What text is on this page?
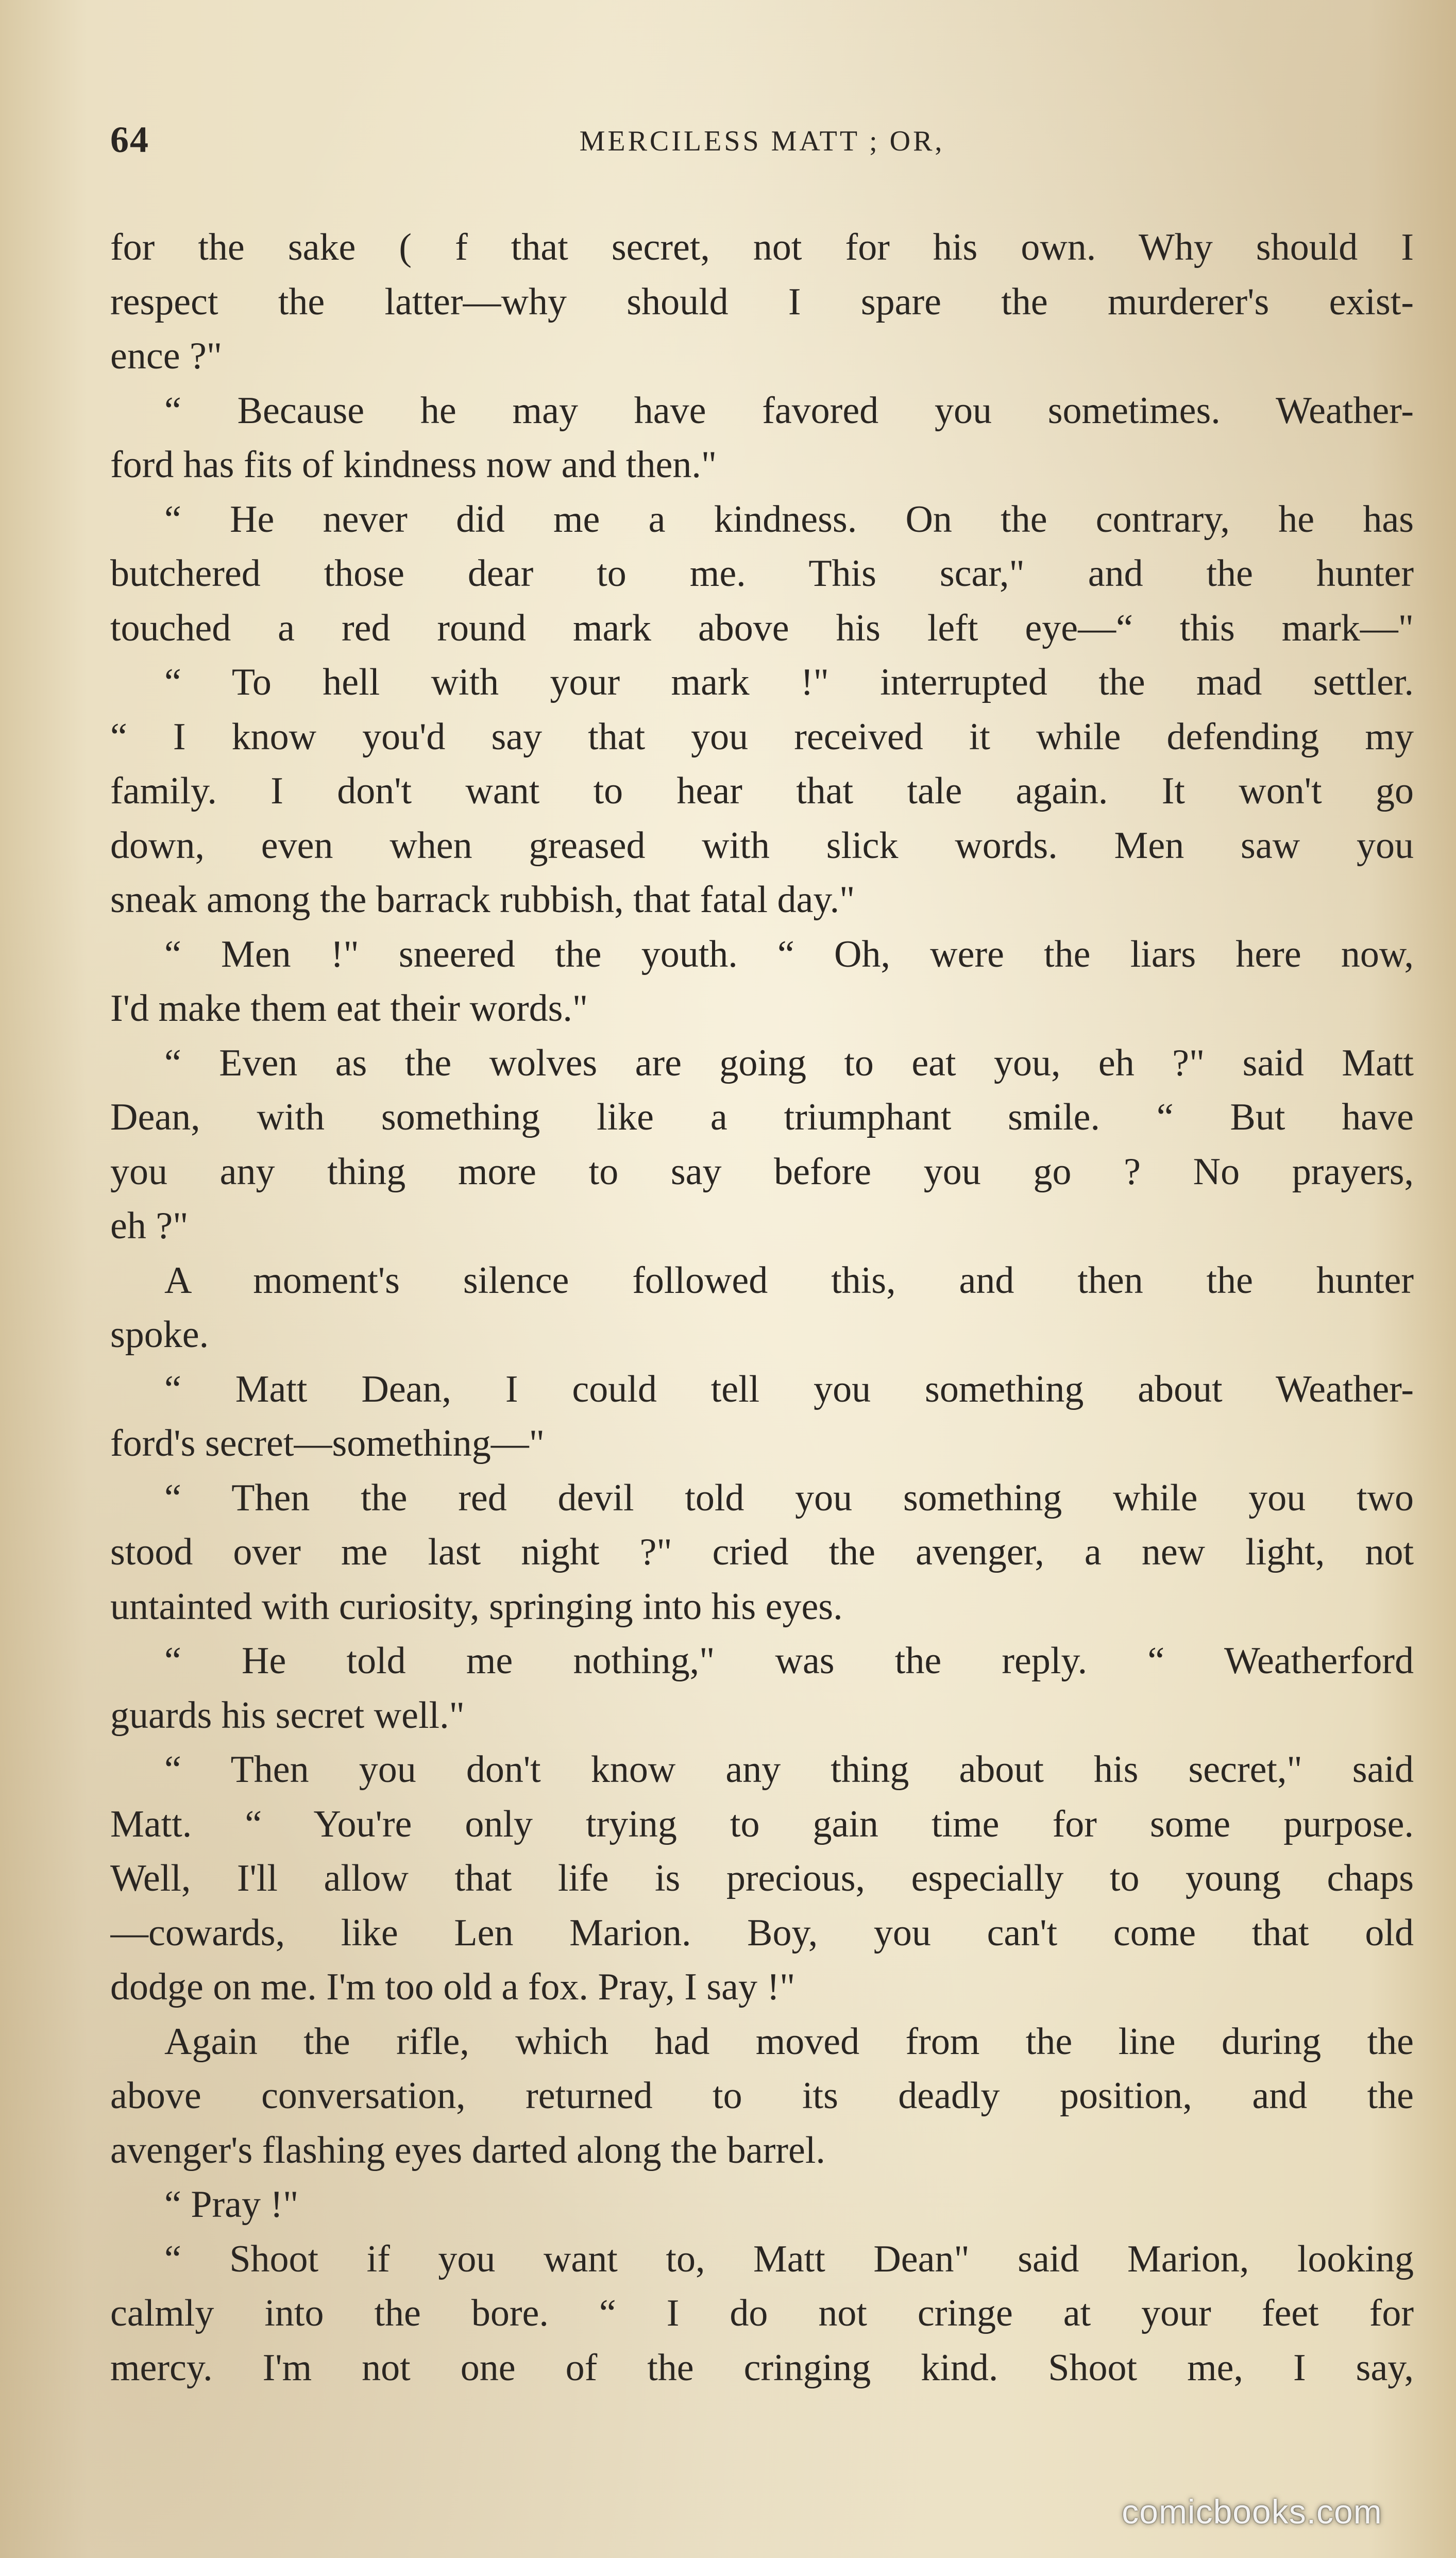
64	MERCILESS MATT ; OR,
for the sake ( f that secret, not for his own. Why should I
respect the latter—why should I spare the murderer's exist-
ence ?"
“ Because he may have favored you sometimes. Weather-
ford has fits of kindness now and then."
“ He never did me a kindness. On the contrary, he has
butchered those dear to me. This scar," and the hunter
touched a red round mark above his left eye—“ this mark—"
“ To hell with your mark !" interrupted the mad settler.
“ I know you'd say that you received it while defending my
family. I don't want to hear that tale again. It won't go
down, even when greased with slick words. Men saw you
sneak among the barrack rubbish, that fatal day."
“ Men !" sneered the youth. “ Oh, were the liars here now,
I'd make them eat their words."
“ Even as the wolves are going to eat you, eh ?" said Matt
Dean, with something like a triumphant smile. “ But have
you any thing more to say before you go ? No prayers,
eh ?"
A moment's silence followed this, and then the hunter
spoke.
“ Matt Dean, I could tell you something about Weather-
ford's secret—something—"
“ Then the red devil told you something while you two
stood over me last night ?" cried the avenger, a new light, not
untainted with curiosity, springing into his eyes.
“ He told me nothing," was the reply. “ Weatherford
guards his secret well."
“ Then you don't know any thing about his secret," said
Matt. “ You're only trying to gain time for some purpose.
Well, I'll allow that life is precious, especially to young chaps
—cowards, like Len Marion. Boy, you can't come that old
dodge on me. I'm too old a fox. Pray, I say !"
Again the rifle, which had moved from the line during the
above conversation, returned to its deadly position, and the
avenger's flashing eyes darted along the barrel.
“ Pray !"
“ Shoot if you want to, Matt Dean" said Marion, looking
calmly into the bore. “ I do not cringe at your feet for
mercy. I'm not one of the cringing kind. Shoot me, I say,
comicbooks.com
